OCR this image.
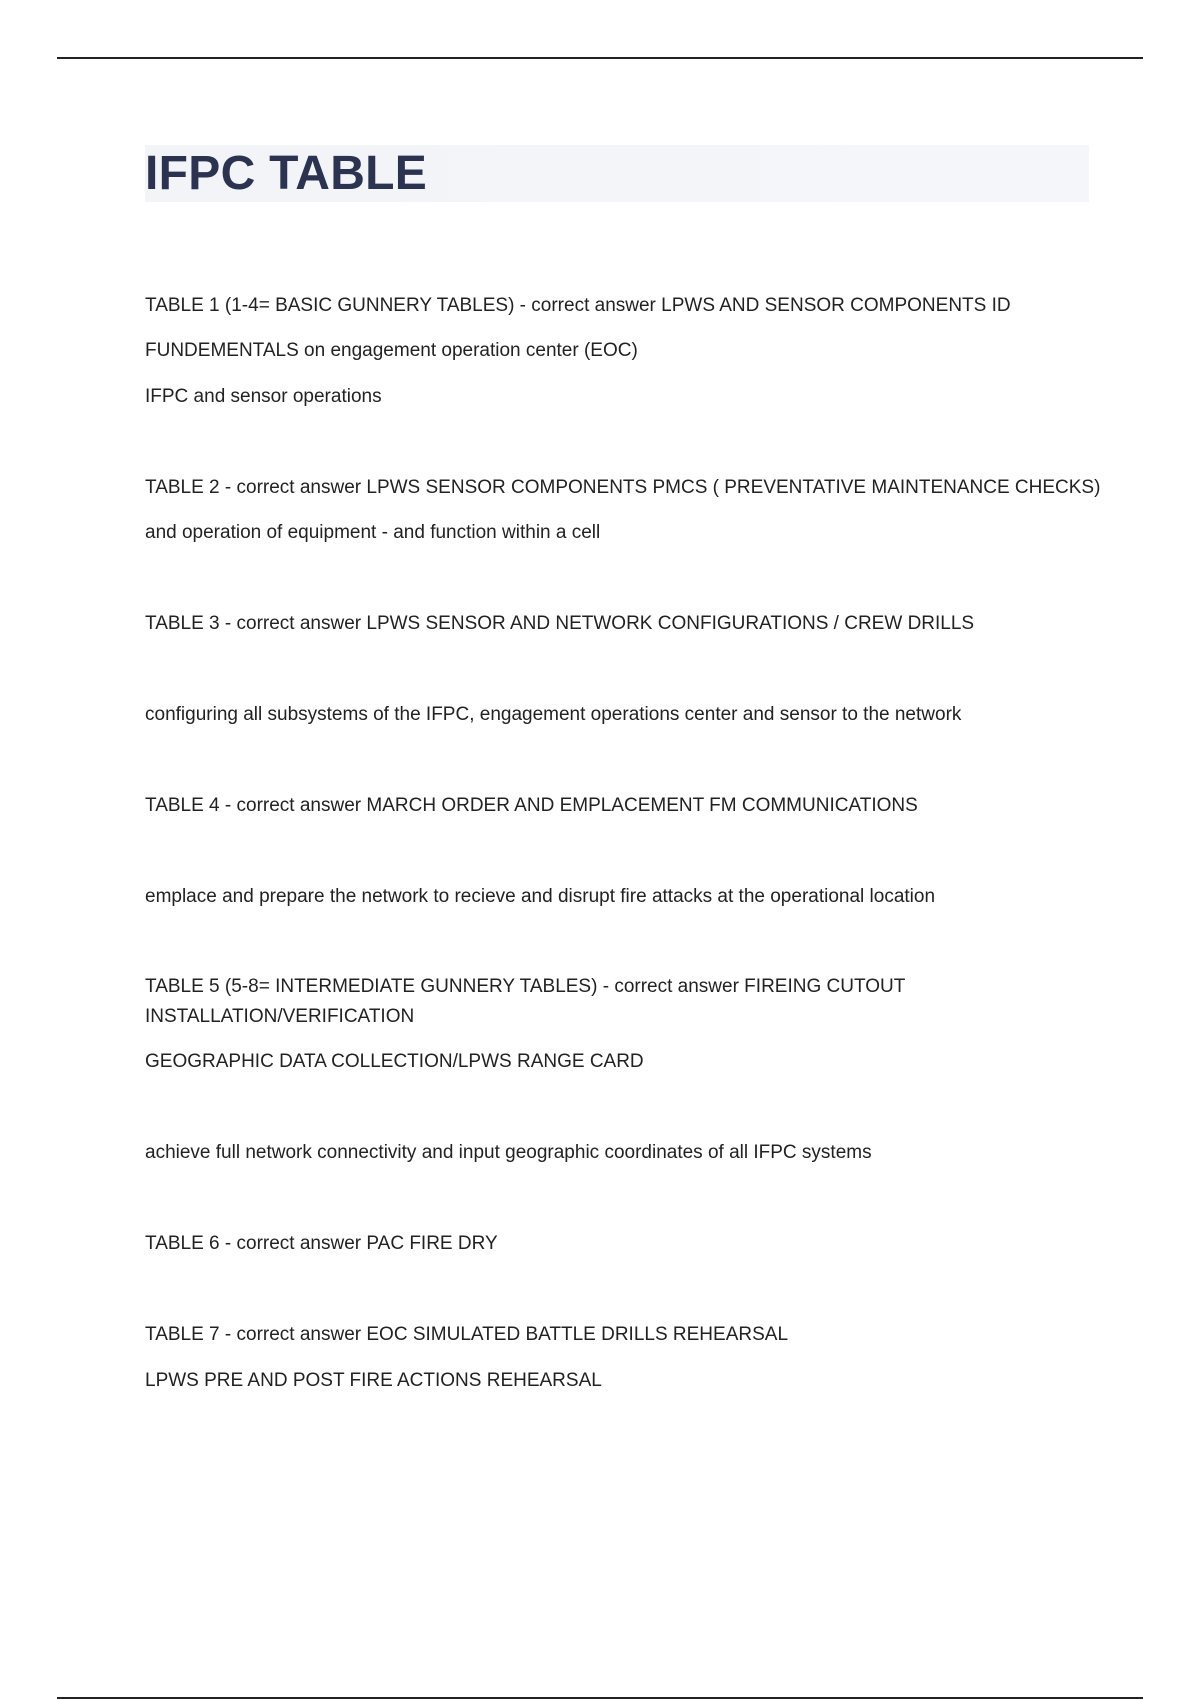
IFPC TABLE

TABLE 1 (1-4= BASIC GUNNERY TABLES) - correct answer LPWS AND SENSOR COMPONENTS ID

FUNDEMENTALS on engagement operation center (EOC)

IFPC and sensor operations

TABLE 2 - correct answer LPWS SENSOR COMPONENTS PMCS ( PREVENTATIVE MAINTENANCE CHECKS)

and operation of equipment - and function within a cell

TABLE 3 - correct answer LPWS SENSOR AND NETWORK CONFIGURATIONS / CREW DRILLS

configuring all subsystems of the IFPC, engagement operations center and sensor to the network

TABLE 4 - correct answer MARCH ORDER AND EMPLACEMENT FM COMMUNICATIONS

emplace and prepare the network to recieve and disrupt fire attacks at the operational location

TABLE 5 (5-8= INTERMEDIATE GUNNERY TABLES) - correct answer FIREING CUTOUT

INSTALLATION/VERIFICATION

GEOGRAPHIC DATA COLLECTION/LPWS RANGE CARD

achieve full network connectivity and input geographic coordinates of all IFPC systems

TABLE 6 - correct answer PAC FIRE DRY

TABLE 7 - correct answer EOC SIMULATED BATTLE DRILLS REHEARSAL

LPWS PRE AND POST FIRE ACTIONS REHEARSAL
